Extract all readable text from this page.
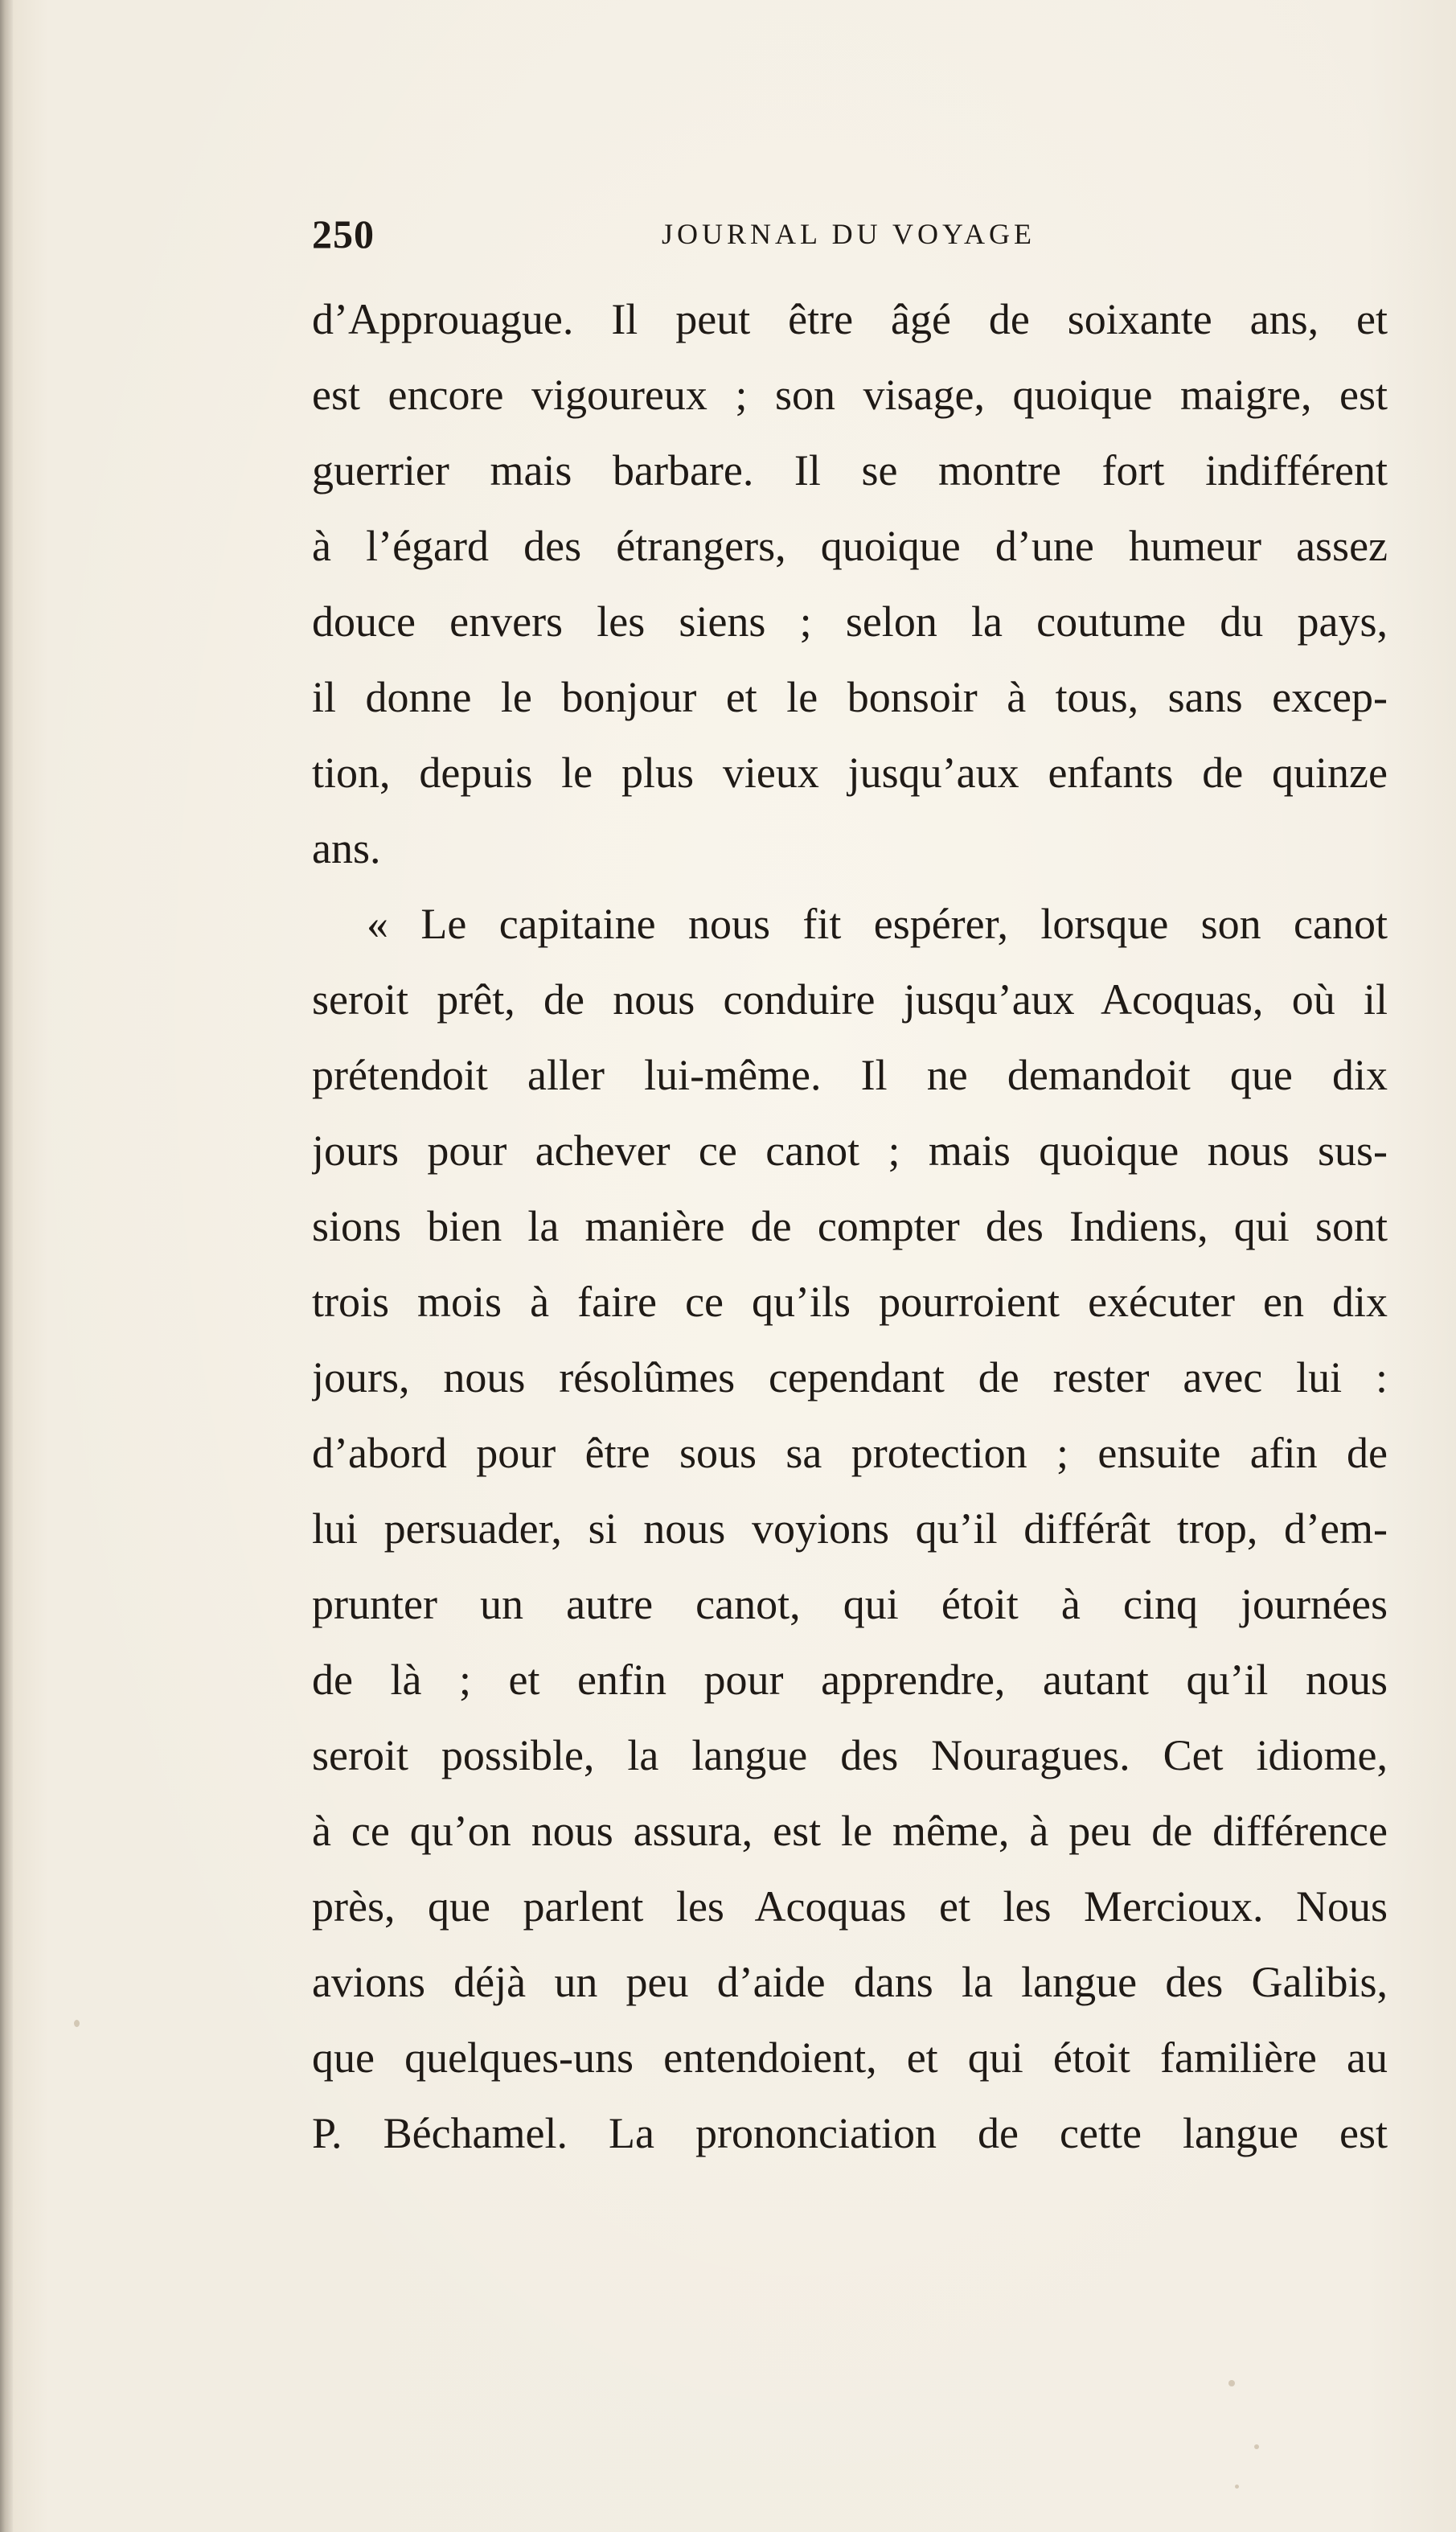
250	JOURNAL DU VOYAGE
d’Approuague. Il peut être âgé de soixante ans, et
est encore vigoureux ; son visage, quoique maigre, est
guerrier mais barbare. Il se montre fort indifférent
à l’égard des étrangers, quoique d’une humeur assez
douce envers les siens ; selon la coutume du pays,
il donne le bonjour et le bonsoir à tous, sans excep-
tion, depuis le plus vieux jusqu’aux enfants de quinze
ans.
« Le capitaine nous fit espérer, lorsque son canot
seroit prêt, de nous conduire jusqu’aux Acoquas, où il
prétendoit aller lui-même. Il ne demandoit que dix
jours pour achever ce canot ; mais quoique nous sus-
sions bien la manière de compter des Indiens, qui sont
trois mois à faire ce qu’ils pourroient exécuter en dix
jours, nous résolûmes cependant de rester avec lui :
d’abord pour être sous sa protection ; ensuite afin de
lui persuader, si nous voyions qu’il différât trop, d’em-
prunter un autre canot, qui étoit à cinq journées
de là ; et enfin pour apprendre, autant qu’il nous
seroit possible, la langue des Nouragues. Cet idiome,
à ce qu’on nous assura, est le même, à peu de différence
près, que parlent les Acoquas et les Mercioux. Nous
avions déjà un peu d’aide dans la langue des Galibis,
que quelques-uns entendoient, et qui étoit familière au
P. Béchamel. La prononciation de cette langue est
